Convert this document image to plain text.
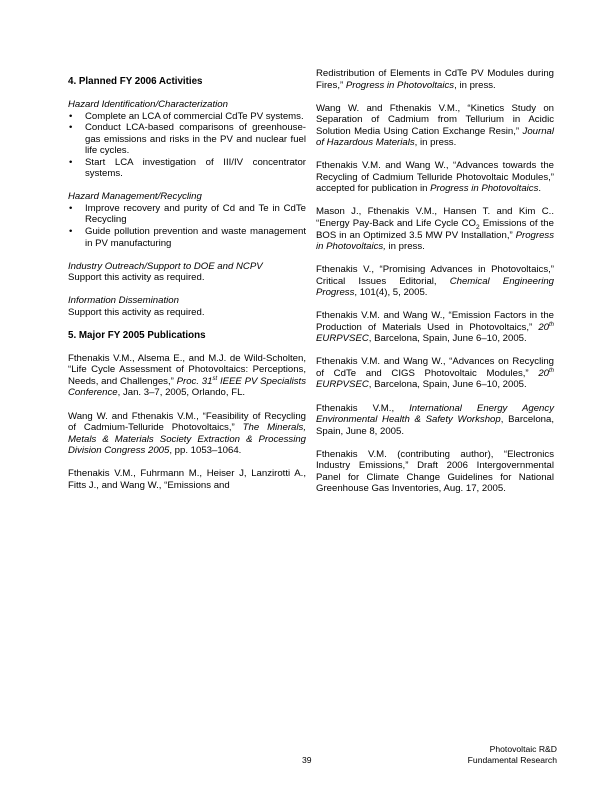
4. Planned FY 2006 Activities
Hazard Identification/Characterization
• Complete an LCA of commercial CdTe PV systems.
• Conduct LCA-based comparisons of greenhouse-gas emissions and risks in the PV and nuclear fuel life cycles.
• Start LCA investigation of III/IV concentrator systems.
Hazard Management/Recycling
• Improve recovery and purity of Cd and Te in CdTe Recycling
• Guide pollution prevention and waste management in PV manufacturing
Industry Outreach/Support to DOE and NCPV
Support this activity as required.
Information Dissemination
Support this activity as required.
5. Major FY 2005 Publications
Fthenakis V.M., Alsema E., and M.J. de Wild-Scholten, “Life Cycle Assessment of Photovoltaics: Perceptions, Needs, and Challenges,” Proc. 31st IEEE PV Specialists Conference, Jan. 3–7, 2005, Orlando, FL.
Wang W. and Fthenakis V.M., “Feasibility of Recycling of Cadmium-Telluride Photovoltaics,” The Minerals, Metals & Materials Society Extraction & Processing Division Congress 2005, pp. 1053–1064.
Fthenakis V.M., Fuhrmann M., Heiser J, Lanzirotti A., Fitts J., and Wang W., “Emissions and
Redistribution of Elements in CdTe PV Modules during Fires,” Progress in Photovoltaics, in press.
Wang W. and Fthenakis V.M., “Kinetics Study on Separation of Cadmium from Tellurium in Acidic Solution Media Using Cation Exchange Resin,” Journal of Hazardous Materials, in press.
Fthenakis V.M. and Wang W., “Advances towards the Recycling of Cadmium Telluride Photovoltaic Modules,” accepted for publication in Progress in Photovoltaics.
Mason J., Fthenakis V.M., Hansen T. and Kim C.. “Energy Pay-Back and Life Cycle $CO_2$ Emissions of the BOS in an Optimized 3.5 MW PV Installation,” Progress in Photovoltaics, in press.
Fthenakis V., “Promising Advances in Photovoltaics,” Critical Issues Editorial, Chemical Engineering Progress, 101(4), 5, 2005.
Fthenakis V.M. and Wang W., “Emission Factors in the Production of Materials Used in Photovoltaics,” 20th EURPVSEC, Barcelona, Spain, June 6–10, 2005.
Fthenakis V.M. and Wang W., “Advances on Recycling of CdTe and CIGS Photovoltaic Modules,” 20th EURPVSEC, Barcelona, Spain, June 6–10, 2005.
Fthenakis V.M., International Energy Agency Environmental Health & Safety Workshop, Barcelona, Spain, June 8, 2005.
Fthenakis V.M. (contributing author), “Electronics Industry Emissions,” Draft 2006 Intergovernmental Panel for Climate Change Guidelines for National Greenhouse Gas Inventories, Aug. 17, 2005.
39
Photovoltaic R&D
Fundamental Research
